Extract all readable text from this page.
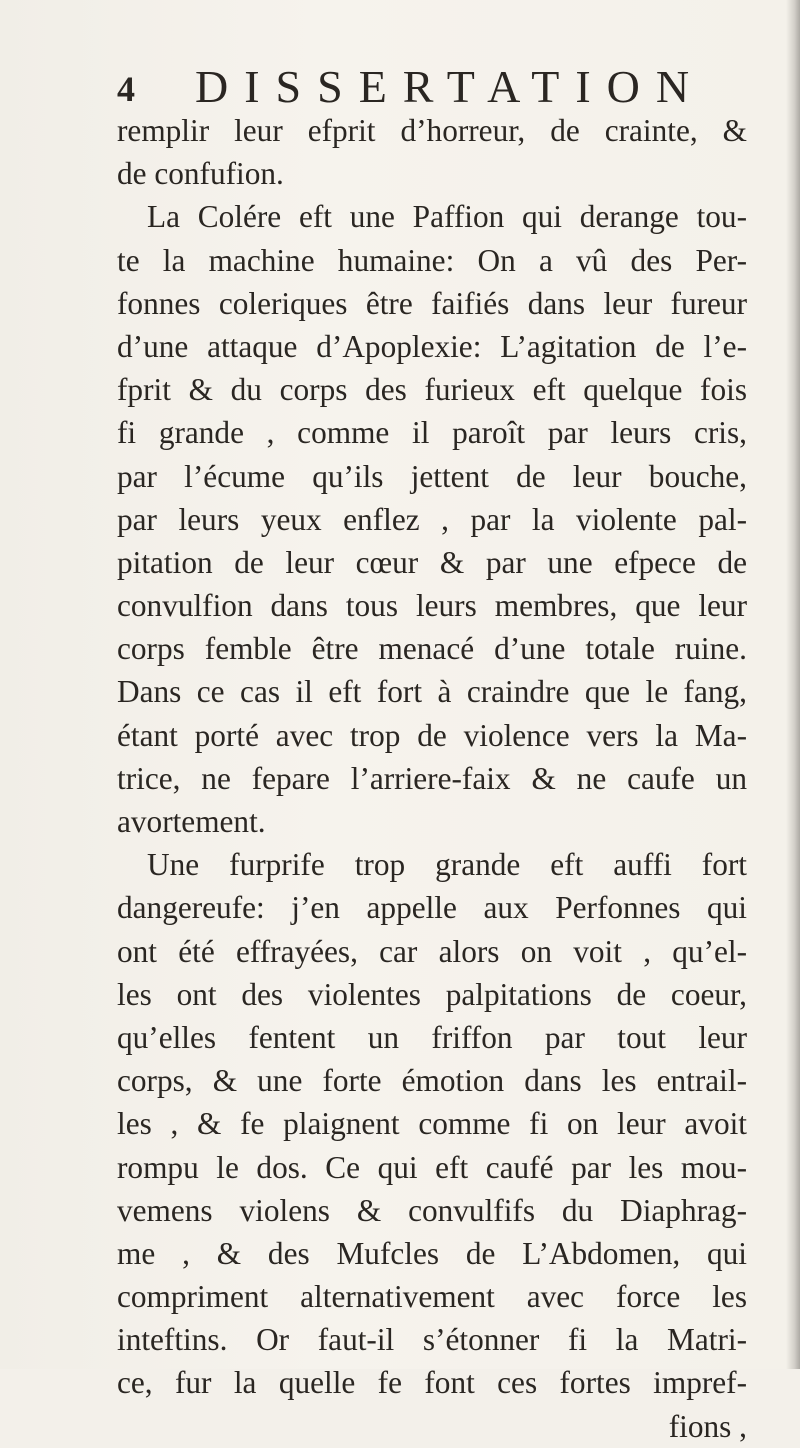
4 DISSERTATION
remplir leur efprit d’horreur, de crainte, &
de confufion.
La Colére eft une Paffion qui derange tou-
te la machine humaine: On a vû des Per-
fonnes coleriques être faifiés dans leur fureur
d’une attaque d’Apoplexie: L’agitation de l’e-
fprit & du corps des furieux eft quelque fois
fi grande , comme il paroît par leurs cris,
par l’écume qu’ils jettent de leur bouche,
par leurs yeux enflez , par la violente pal-
pitation de leur cœur & par une efpece de
convulfion dans tous leurs membres, que leur
corps femble être menacé d’une totale ruine.
Dans ce cas il eft fort à craindre que le fang,
étant porté avec trop de violence vers la Ma-
trice, ne fepare l’arriere-faix & ne caufe un
avortement.
Une furprife trop grande eft auffi fort
dangereufe: j’en appelle aux Perfonnes qui
ont été effrayées, car alors on voit , qu’el-
les ont des violentes palpitations de coeur,
qu’elles fentent un friffon par tout leur
corps, & une forte émotion dans les entrail-
les , & fe plaignent comme fi on leur avoit
rompu le dos. Ce qui eft caufé par les mou-
vemens violens & convulfifs du Diaphrag-
me , & des Mufcles de L’Abdomen, qui
compriment alternativement avec force les
inteftins. Or faut-il s’étonner fi la Matri-
ce, fur la quelle fe font ces fortes impref-
fions ,
